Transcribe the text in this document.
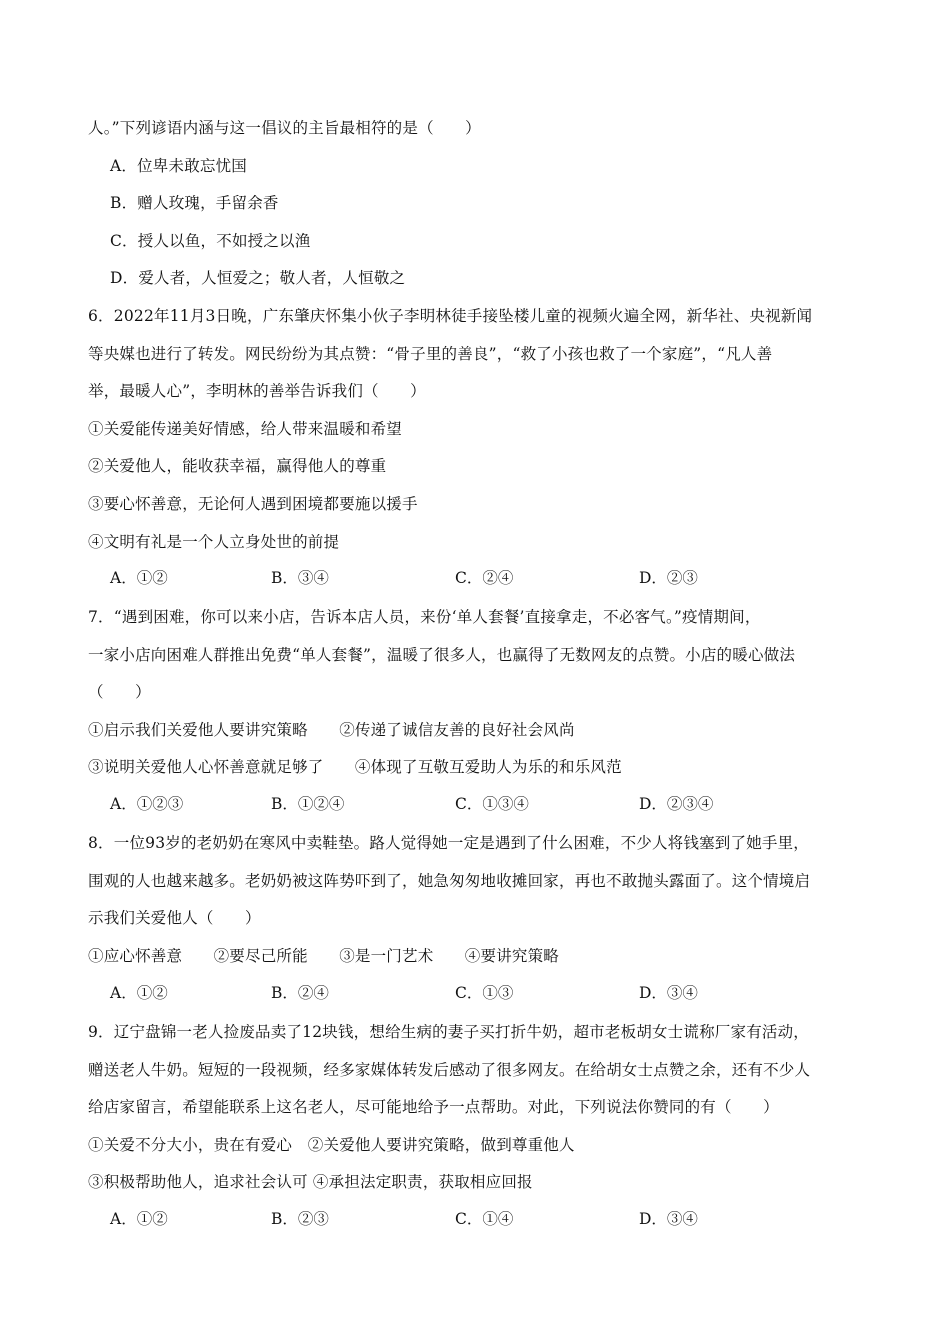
人。”下列谚语内涵与这一倡议的主旨最相符的是（　　）
A．位卑未敢忘忧国
B．赠人玫瑰，手留余香
C．授人以鱼，不如授之以渔
D．爱人者，人恒爱之；敬人者，人恒敬之
6．2022年11月3日晚，广东肇庆怀集小伙子李明林徒手接坠楼儿童的视频火遍全网，新华社、央视新闻
等央媒也进行了转发。网民纷纷为其点赞：“骨子里的善良”，“救了小孩也救了一个家庭”，“凡人善
举，最暖人心”，李明林的善举告诉我们（　　）
①关爱能传递美好情感，给人带来温暖和希望
②关爱他人，能收获幸福，赢得他人的尊重
③要心怀善意，无论何人遇到困境都要施以援手
④文明有礼是一个人立身处世的前提
A．①②	B．③④	C．②④	D．②③
7．“遇到困难，你可以来小店，告诉本店人员，来份‘单人套餐’直接拿走，不必客气。”疫情期间，
一家小店向困难人群推出免费“单人套餐”，温暖了很多人，也赢得了无数网友的点赞。小店的暖心做法
（　　）
①启示我们关爱他人要讲究策略　　②传递了诚信友善的良好社会风尚
③说明关爱他人心怀善意就足够了　　④体现了互敬互爱助人为乐的和乐风范
A．①②③	B．①②④	C．①③④	D．②③④
8．一位93岁的老奶奶在寒风中卖鞋垫。路人觉得她一定是遇到了什么困难，不少人将钱塞到了她手里，
围观的人也越来越多。老奶奶被这阵势吓到了，她急匆匆地收摊回家，再也不敢抛头露面了。这个情境启
示我们关爱他人（　　）
①应心怀善意　　②要尽己所能　　③是一门艺术　　④要讲究策略
A．①②	B．②④	C．①③	D．③④
9．辽宁盘锦一老人捡废品卖了12块钱，想给生病的妻子买打折牛奶，超市老板胡女士谎称厂家有活动，
赠送老人牛奶。短短的一段视频，经多家媒体转发后感动了很多网友。在给胡女士点赞之余，还有不少人
给店家留言，希望能联系上这名老人，尽可能地给予一点帮助。对此，下列说法你赞同的有（　　）
①关爱不分大小，贵在有爱心　②关爱他人要讲究策略，做到尊重他人
③积极帮助他人，追求社会认可 ④承担法定职责，获取相应回报
A．①②	B．②③	C．①④	D．③④
